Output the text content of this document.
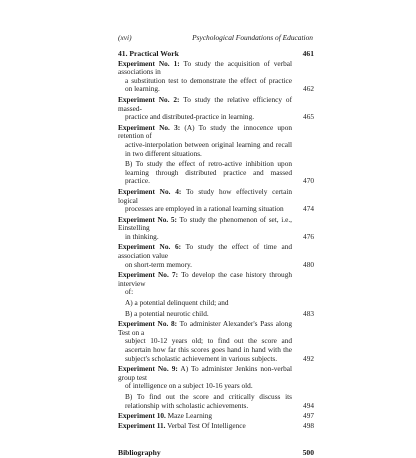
(xvi)	Psychological Foundations of Education
41. Practical Work	461
Experiment No. 1: To study the acquisition of verbal associations in
a substitution test to demonstrate the effect of practice on learning.	462
Experiment No. 2: To study the relative efficiency of massed-
practice and distributed-practice in learning.	465
Experiment No. 3: (A) To study the innocence upon retention of
active-interpolation between original learning and recall in two different situations.
B) To study the effect of retro-active inhibition upon learning through distributed practice and massed practice.	470
Experiment No. 4: To study how effectively certain logical
processes are employed in a rational learning situation	474
Experiment No. 5: To study the phenomenon of set, i.e., Einstelling
in thinking.	476
Experiment No. 6: To study the effect of time and association value
on short-term memory.	480
Experiment No. 7: To develop the case history through interview
of:
A) a potential delinquent child; and
B) a potential neurotic child.	483
Experiment No. 8: To administer Alexander's Pass along Test on a
subject 10-12 years old; to find out the score and ascertain how far this scores goes hand in hand with the subject's scholastic achievement in various subjects.	492
Experiment No. 9: A) To administer Jenkins non-verbal group test
of intelligence on a subject 10-16 years old.
B) To find out the score and critically discuss its relationship with scholastic achievements.	494
Experiment 10. Maze Learning	497
Experiment 11. Verbal Test Of Intelligence	498
Bibliography	500
